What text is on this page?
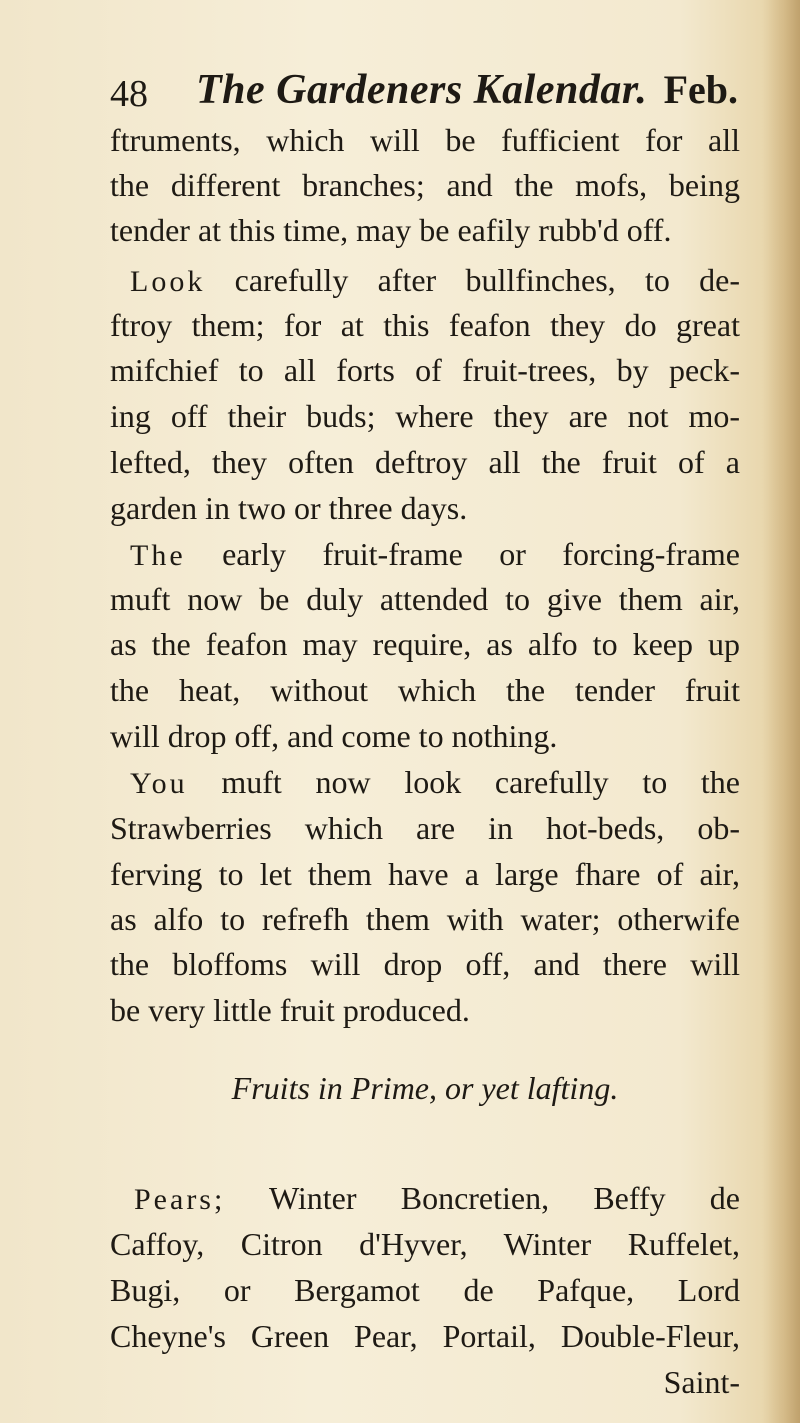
48 The Gardeners Kalendar. Feb.
ftruments, which will be fufficient for all
the different branches; and the mofs, being
tender at this time, may be eafily rubb'd off.
Look carefully after bullfinches, to de-
ftroy them; for at this feafon they do great
mifchief to all forts of fruit-trees, by peck-
ing off their buds; where they are not mo-
lefted, they often deftroy all the fruit of a
garden in two or three days.
The early fruit-frame or forcing-frame
muft now be duly attended to give them air,
as the feafon may require, as alfo to keep up
the heat, without which the tender fruit
will drop off, and come to nothing.
You muft now look carefully to the
Strawberries which are in hot-beds, ob-
ferving to let them have a large fhare of air,
as alfo to refrefh them with water; otherwife
the bloffoms will drop off, and there will
be very little fruit produced.
Fruits in Prime, or yet lafting.
Pears; Winter Boncretien, Beffy de
Caffoy, Citron d'Hyver, Winter Ruffelet,
Bugi, or Bergamot de Pafque, Lord
Cheyne's Green Pear, Portail, Double-Fleur,
Saint-
